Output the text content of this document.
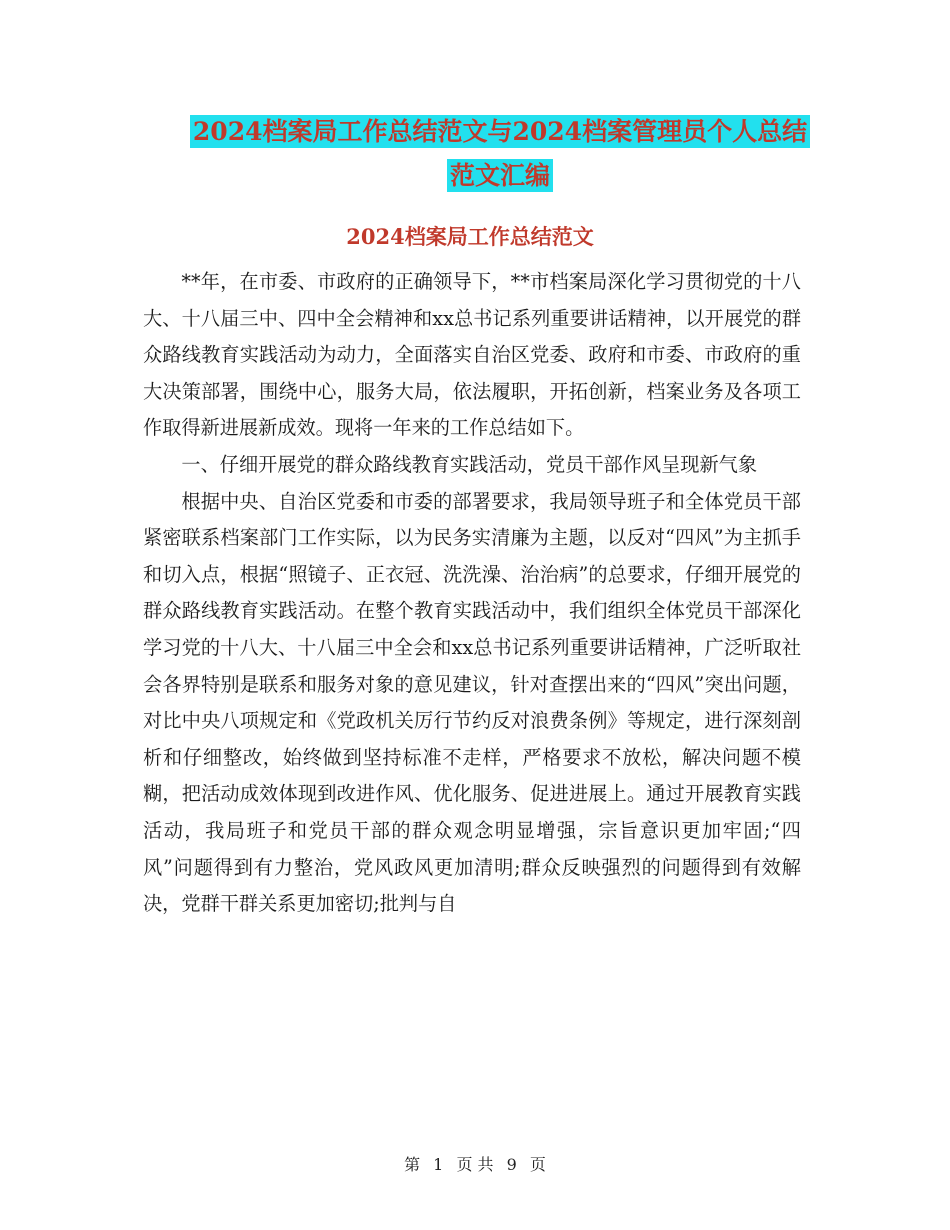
2024档案局工作总结范文与2024档案管理员个人总结
范文汇编
2024档案局工作总结范文

**年，在市委、市政府的正确领导下，**市档案局深化学习贯彻党的十八大、十八届三中、四中全会精神和xx总书记系列重要讲话精神，以开展党的群众路线教育实践活动为动力，全面落实自治区党委、政府和市委、市政府的重大决策部署，围绕中心，服务大局，依法履职，开拓创新，档案业务及各项工作取得新进展新成效。现将一年来的工作总结如下。

一、仔细开展党的群众路线教育实践活动，党员干部作风呈现新气象

根据中央、自治区党委和市委的部署要求，我局领导班子和全体党员干部紧密联系档案部门工作实际，以为民务实清廉为主题，以反对“四风”为主抓手和切入点，根据“照镜子、正衣冠、洗洗澡、治治病”的总要求，仔细开展党的群众路线教育实践活动。在整个教育实践活动中，我们组织全体党员干部深化学习党的十八大、十八届三中全会和xx总书记系列重要讲话精神，广泛听取社会各界特别是联系和服务对象的意见建议，针对查摆出来的“四风”突出问题，对比中央八项规定和《党政机关厉行节约反对浪费条例》等规定，进行深刻剖析和仔细整改，始终做到坚持标准不走样，严格要求不放松，解决问题不模糊，把活动成效体现到改进作风、优化服务、促进进展上。通过开展教育实践活动，我局班子和党员干部的群众观念明显增强，宗旨意识更加牢固;“四风”问题得到有力整治，党风政风更加清明;群众反映强烈的问题得到有效解决，党群干群关系更加密切;批判与自

第 1 页 共 9 页
